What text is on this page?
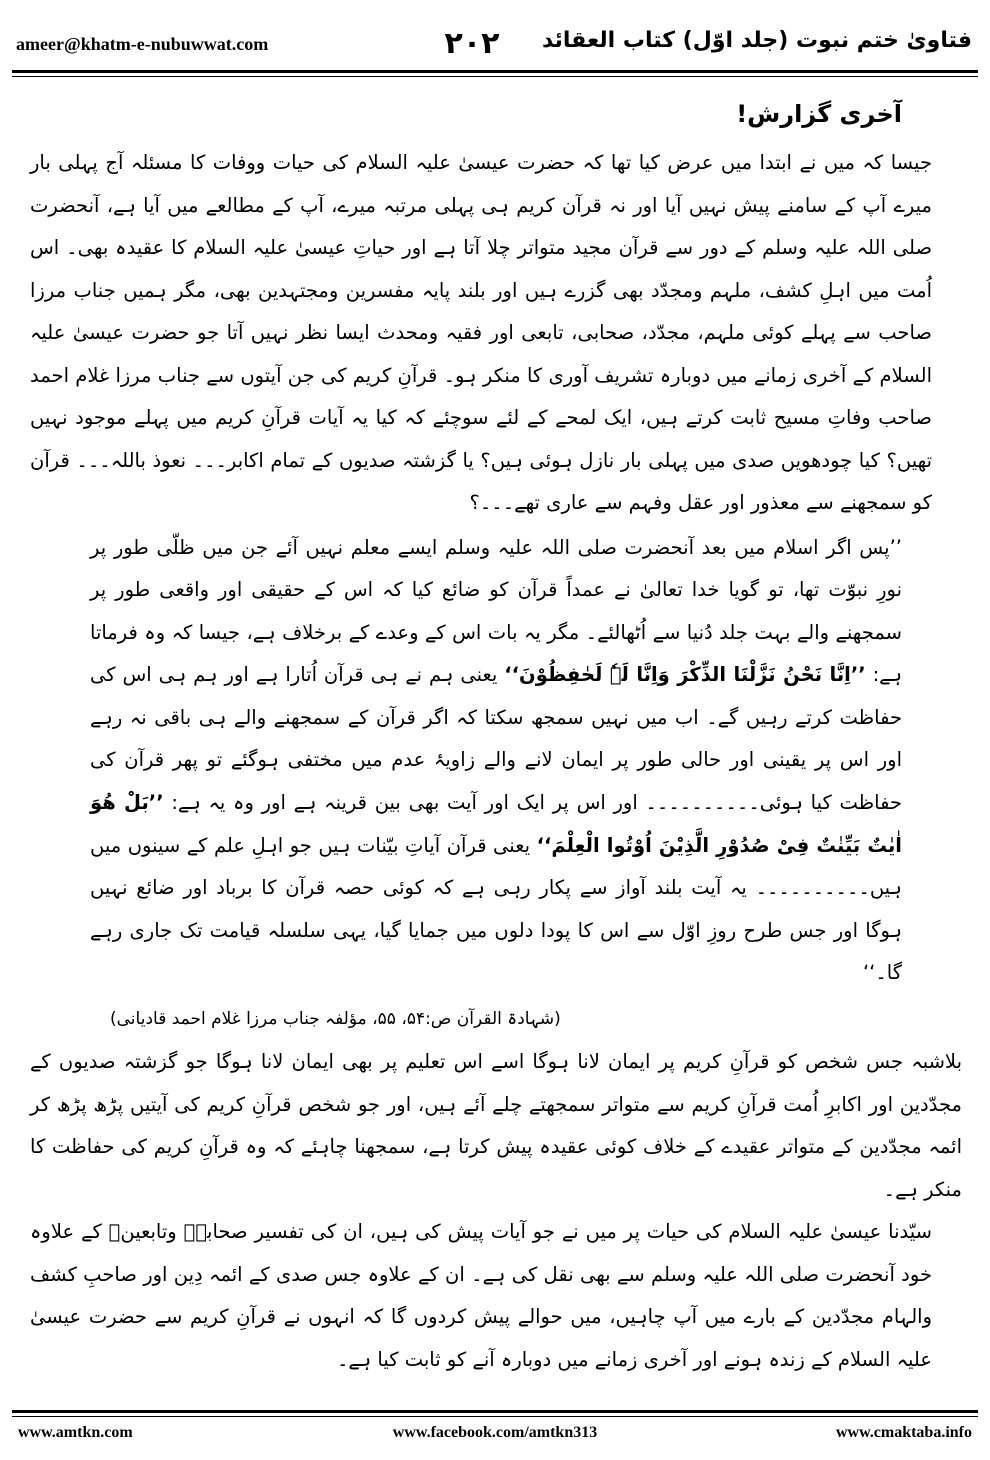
ameer@khatm-e-nubuwwat.com	۲۰۲	فتاویٰ ختم نبوت (جلد اوّل) کتاب العقائد
آخری گزارش!

جیسا کہ میں نے ابتدا میں عرض کیا تھا کہ حضرت عیسیٰ علیہ السلام کی حیات ووفات کا مسئلہ آج پہلی بار میرے آپ کے سامنے پیش نہیں آیا اور نہ قرآن کریم ہی پہلی مرتبہ میرے، آپ کے مطالعے میں آیا ہے، آنحضرت صلی اللہ علیہ وسلم کے دور سے قرآن مجید متواتر چلا آتا ہے اور حیاتِ عیسیٰ علیہ السلام کا عقیدہ بھی۔ اس اُمت میں اہلِ کشف، ملہم ومجدّد بھی گزرے ہیں اور بلند پایہ مفسرین ومجتہدین بھی، مگر ہمیں جناب مرزا صاحب سے پہلے کوئی ملہم، مجدّد، صحابی، تابعی اور فقیہ ومحدث ایسا نظر نہیں آتا جو حضرت عیسیٰ علیہ السلام کے آخری زمانے میں دوبارہ تشریف آوری کا منکر ہو۔ قرآنِ کریم کی جن آیتوں سے جناب مرزا غلام احمد صاحب وفاتِ مسیح ثابت کرتے ہیں، ایک لمحے کے لئے سوچئے کہ کیا یہ آیات قرآنِ کریم میں پہلے موجود نہیں تھیں؟ کیا چودھویں صدی میں پہلی بار نازل ہوئی ہیں؟ یا گزشتہ صدیوں کے تمام اکابر۔۔۔ نعوذ باللہ۔۔۔ قرآن کو سمجھنے سے معذور اور عقل وفہم سے عاری تھے۔۔۔؟

’’پس اگر اسلام میں بعد آنحضرت صلی اللہ علیہ وسلم ایسے معلم نہیں آئے جن میں ظلّی طور پر نورِ نبوّت تھا، تو گویا خدا تعالیٰ نے عمداً قرآن کو ضائع کیا کہ اس کے حقیقی اور واقعی طور پر سمجھنے والے بہت جلد دُنیا سے اُٹھالئے۔ مگر یہ بات اس کے وعدے کے برخلاف ہے، جیسا کہ وہ فرماتا ہے: ’’اِنَّا نَحْنُ نَزَّلْنَا الذِّکْرَ وَاِنَّا لَہٗ لَحٰفِظُوْنَ‘‘ یعنی ہم نے ہی قرآن اُتارا ہے اور ہم ہی اس کی حفاظت کرتے رہیں گے۔ اب میں نہیں سمجھ سکتا کہ اگر قرآن کے سمجھنے والے ہی باقی نہ رہے اور اس پر یقینی اور حالی طور پر ایمان لانے والے زاویۂ عدم میں مختفی ہوگئے تو پھر قرآن کی حفاظت کیا ہوئی۔۔۔۔۔۔۔۔۔۔ اور اس پر ایک اور آیت بھی بین قرینہ ہے اور وہ یہ ہے: ’’بَلْ ھُوَ اٰیٰتٌ بَیِّنٰتٌ فِیْ صُدُوْرِ الَّذِیْنَ اُوْتُوا الْعِلْمَ‘‘ یعنی قرآن آیاتِ بیّنات ہیں جو اہلِ علم کے سینوں میں ہیں۔۔۔۔۔۔۔۔۔۔ یہ آیت بلند آواز سے پکار رہی ہے کہ کوئی حصہ قرآن کا برباد اور ضائع نہیں ہوگا اور جس طرح روزِ اوّل سے اس کا پودا دلوں میں جمایا گیا، یہی سلسلہ قیامت تک جاری رہے گا۔‘‘

(شہادۃ القرآن ص:۵۴، ۵۵، مؤلفہ جناب مرزا غلام احمد قادیانی)

بلاشبہ جس شخص کو قرآنِ کریم پر ایمان لانا ہوگا اسے اس تعلیم پر بھی ایمان لانا ہوگا جو گزشتہ صدیوں کے مجدّدین اور اکابرِ اُمت قرآنِ کریم سے متواتر سمجھتے چلے آئے ہیں، اور جو شخص قرآنِ کریم کی آیتیں پڑھ پڑھ کر ائمہ مجدّدین کے متواتر عقیدے کے خلاف کوئی عقیدہ پیش کرتا ہے، سمجھنا چاہئے کہ وہ قرآنِ کریم کی حفاظت کا منکر ہے۔

سیّدنا عیسیٰ علیہ السلام کی حیات پر میں نے جو آیات پیش کی ہیں، ان کی تفسیر صحابہؓ وتابعینؒ کے علاوہ خود آنحضرت صلی اللہ علیہ وسلم سے بھی نقل کی ہے۔ ان کے علاوہ جس صدی کے ائمہ دِین اور صاحبِ کشف والہام مجدّدین کے بارے میں آپ چاہیں، میں حوالے پیش کردوں گا کہ انہوں نے قرآنِ کریم سے حضرت عیسیٰ علیہ السلام کے زندہ ہونے اور آخری زمانے میں دوبارہ آنے کو ثابت کیا ہے۔

www.amtkn.com	www.facebook.com/amtkn313	www.cmaktaba.info
